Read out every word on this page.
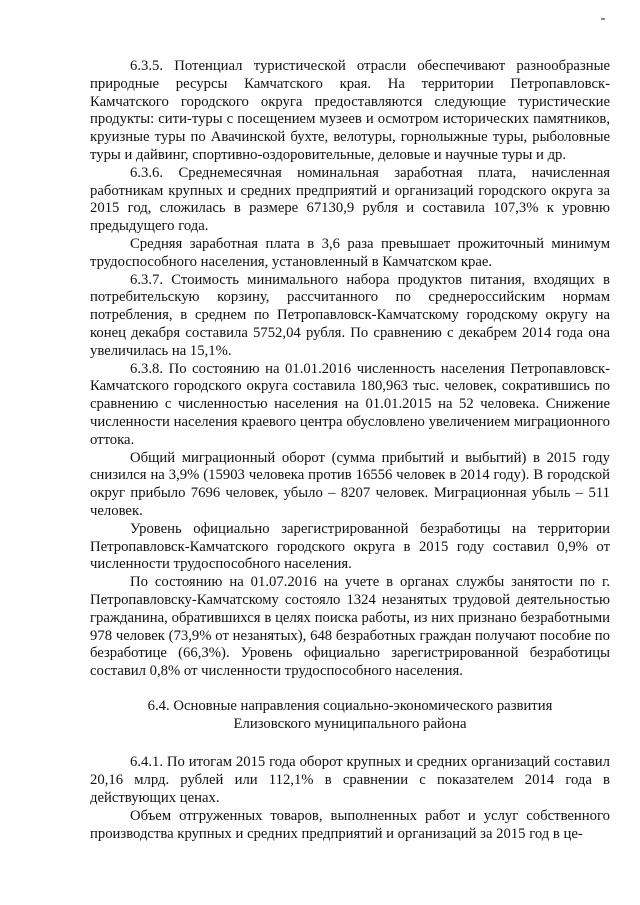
6.3.5. Потенциал туристической отрасли обеспечивают разнообразные природные ресурсы Камчатского края. На территории Петропавловск-Камчатского городского округа предоставляются следующие туристические продукты: сити-туры с посещением музеев и осмотром исторических памятников, круизные туры по Авачинской бухте, велотуры, горнолыжные туры, рыболовные туры и дайвинг, спортивно-оздоровительные, деловые и научные туры и др.

6.3.6. Среднемесячная номинальная заработная плата, начисленная работникам крупных и средних предприятий и организаций городского округа за 2015 год, сложилась в размере 67130,9 рубля и составила 107,3% к уровню предыдущего года.

Средняя заработная плата в 3,6 раза превышает прожиточный минимум трудоспособного населения, установленный в Камчатском крае.

6.3.7. Стоимость минимального набора продуктов питания, входящих в потребительскую корзину, рассчитанного по среднероссийским нормам потребления, в среднем по Петропавловск-Камчатскому городскому округу на конец декабря составила 5752,04 рубля. По сравнению с декабрем 2014 года она увеличилась на 15,1%.

6.3.8. По состоянию на 01.01.2016 численность населения Петропавловск-Камчатского городского округа составила 180,963 тыс. человек, сократившись по сравнению с численностью населения на 01.01.2015 на 52 человека. Снижение численности населения краевого центра обусловлено увеличением миграционного оттока.

Общий миграционный оборот (сумма прибытий и выбытий) в 2015 году снизился на 3,9% (15903 человека против 16556 человек в 2014 году). В городской округ прибыло 7696 человек, убыло – 8207 человек. Миграционная убыль – 511 человек.

Уровень официально зарегистрированной безработицы на территории Петропавловск-Камчатского городского округа в 2015 году составил 0,9% от численности трудоспособного населения.

По состоянию на 01.07.2016 на учете в органах службы занятости по г. Петропавловску-Камчатскому состояло 1324 незанятых трудовой деятельностью гражданина, обратившихся в целях поиска работы, из них признано безработными 978 человек (73,9% от незанятых), 648 безработных граждан получают пособие по безработице (66,3%). Уровень официально зарегистрированной безработицы составил 0,8% от численности трудоспособного населения.

6.4. Основные направления социально-экономического развития
Елизовского муниципального района

6.4.1. По итогам 2015 года оборот крупных и средних организаций составил 20,16 млрд. рублей или 112,1% в сравнении с показателем 2014 года в действующих ценах.

Объем отгруженных товаров, выполненных работ и услуг собственного производства крупных и средних предприятий и организаций за 2015 год в це-
